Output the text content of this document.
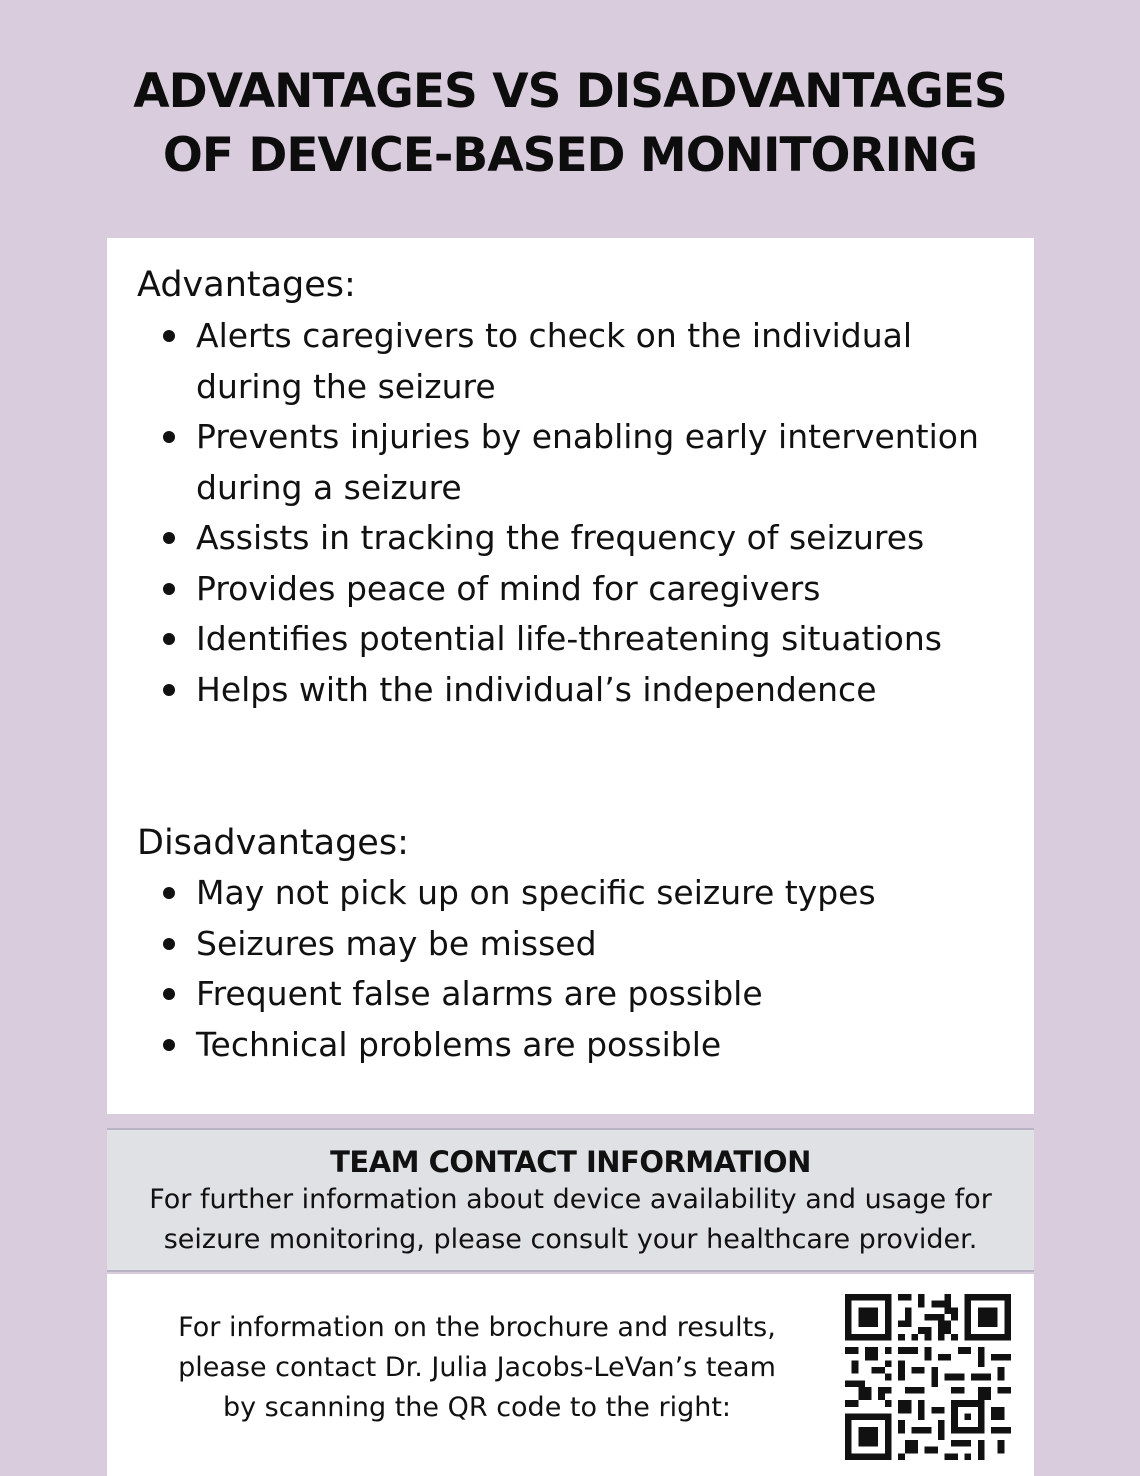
ADVANTAGES VS DISADVANTAGES
OF DEVICE-BASED MONITORING
Advantages:
Alerts caregivers to check on the individual during the seizure
Prevents injuries by enabling early intervention during a seizure
Assists in tracking the frequency of seizures
Provides peace of mind for caregivers
Identifies potential life-threatening situations
Helps with the individual’s independence
Disadvantages:
May not pick up on specific seizure types
Seizures may be missed
Frequent false alarms are possible
Technical problems are possible
TEAM CONTACT INFORMATION
For further information about device availability and usage for
seizure monitoring, please consult your healthcare provider.
For information on the brochure and results,
please contact Dr. Julia Jacobs-LeVan’s team
by scanning the QR code to the right:
